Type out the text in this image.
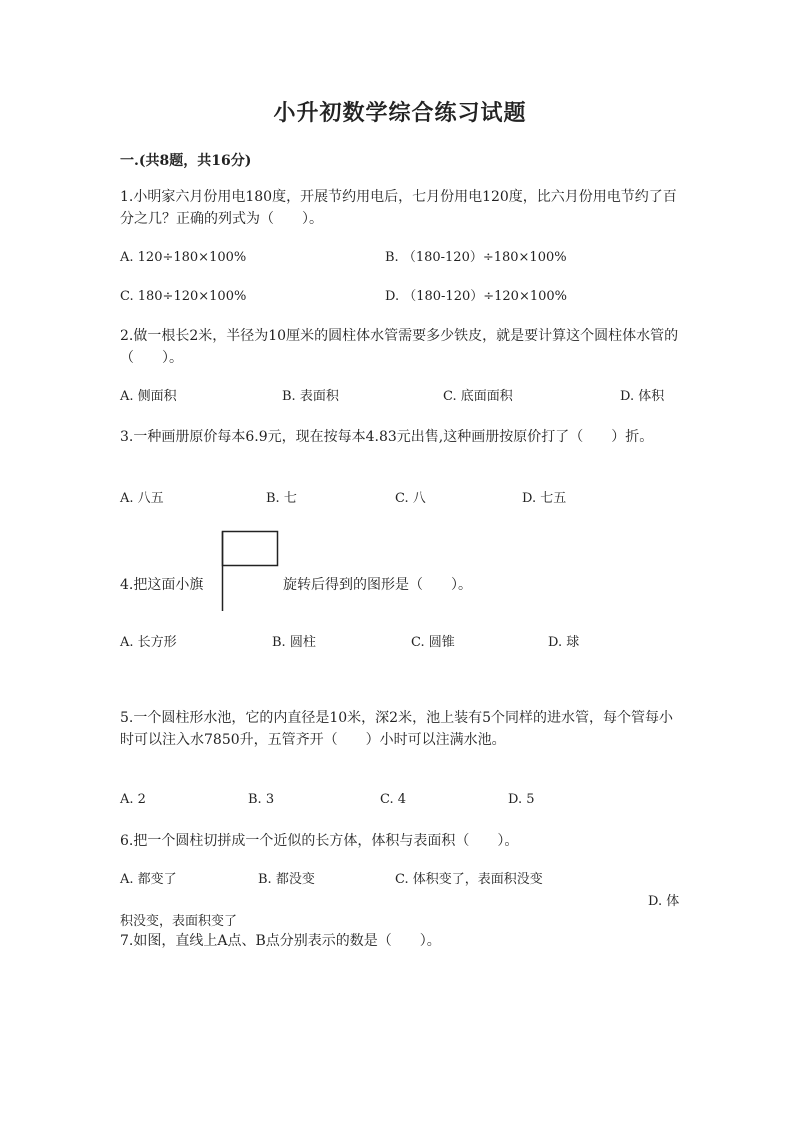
小升初数学综合练习试题
一.(共8题，共16分)
1.小明家六月份用电180度，开展节约用电后，七月份用电120度，比六月份用电节约了百分之几？正确的列式为（　　）。
A. 120÷180×100%	B. （180-120）÷180×100%
C. 180÷120×100%	D. （180-120）÷120×100%
2.做一根长2米，半径为10厘米的圆柱体水管需要多少铁皮，就是要计算这个圆柱体水管的（　　）。
A. 侧面积	B. 表面积	C. 底面面积	D. 体积
3.一种画册原价每本6.9元，现在按每本4.83元出售,这种画册按原价打了（　　）折。
A. 八五	B. 七	C. 八	D. 七五
4.把这面小旗	旋转后得到的图形是（　　）。
A. 长方形	B. 圆柱	C. 圆锥	D. 球
5.一个圆柱形水池，它的内直径是10米，深2米，池上装有5个同样的进水管，每个管每小时可以注入水7850升，五管齐开（　　）小时可以注满水池。
A. 2	B. 3	C. 4	D. 5
6.把一个圆柱切拼成一个近似的长方体，体积与表面积（　　）。
A. 都变了	B. 都没变	C. 体积变了，表面积没变
D. 体积没变，表面积变了
7.如图，直线上A点、B点分别表示的数是（　　）。
